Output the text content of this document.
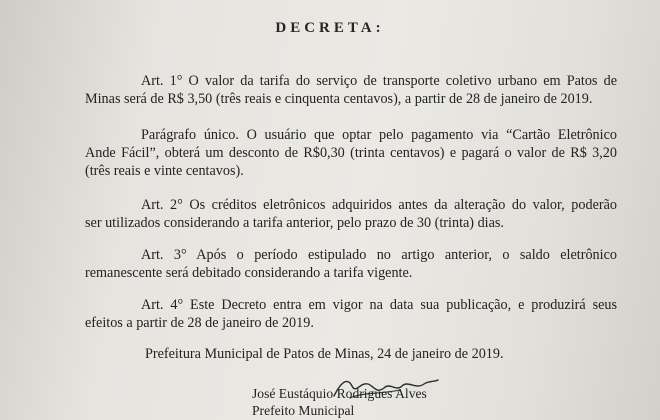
DECRETA:

Art. 1° O valor da tarifa do serviço de transporte coletivo urbano em Patos de
Minas será de R$ 3,50 (três reais e cinquenta centavos), a partir de 28 de janeiro de 2019.

Parágrafo único. O usuário que optar pelo pagamento via “Cartão Eletrônico
Ande Fácil”, obterá um desconto de R$0,30 (trinta centavos) e pagará o valor de R$ 3,20
(três reais e vinte centavos).

Art. 2° Os créditos eletrônicos adquiridos antes da alteração do valor, poderão
ser utilizados considerando a tarifa anterior, pelo prazo de 30 (trinta) dias.

Art. 3° Após o período estipulado no artigo anterior, o saldo eletrônico
remanescente será debitado considerando a tarifa vigente.

Art. 4° Este Decreto entra em vigor na data sua publicação, e produzirá seus
efeitos a partir de 28 de janeiro de 2019.

Prefeitura Municipal de Patos de Minas, 24 de janeiro de 2019.
José Eustáquio Rodrigues Alves
Prefeito Municipal
